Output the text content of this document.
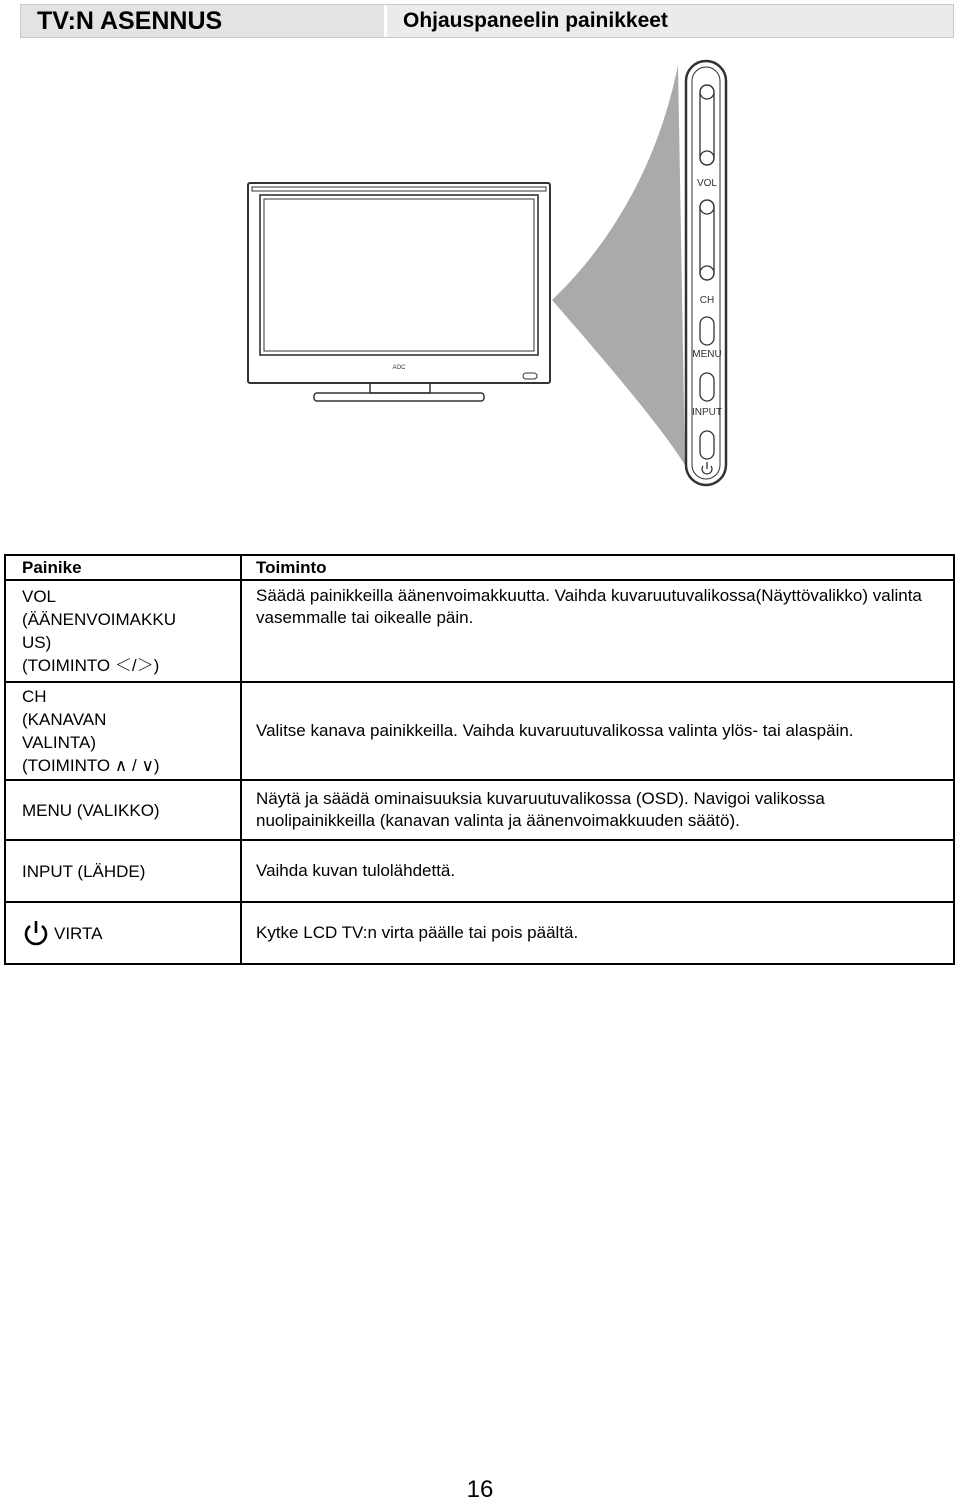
TV:N ASENNUS	Ohjauspaneelin painikkeet
AOC
VOL
CH
MENU
INPUT
Painike	Toiminto

VOL
(ÄÄNENVOIMAKKU
US)
(TOIMINTO ＜/＞)	Säädä painikkeilla äänenvoimakkuutta. Vaihda kuvaruutuvalikossa(Näyttövalikko) valinta vasemmalle tai oikealle päin.

CH
(KANAVAN
VALINTA)
(TOIMINTO ∧ / ∨)	Valitse kanava painikkeilla. Vaihda kuvaruutuvalikossa valinta ylös- tai alaspäin.
MENU (VALIKKO)	Näytä ja säädä ominaisuuksia kuvaruutuvalikossa (OSD). Navigoi valikossa nuolipainikkeilla (kanavan valinta ja äänenvoimakkuuden säätö).
INPUT (LÄHDE)	Vaihda kuvan tulolähdettä.

VIRTA	Kytke LCD TV:n virta päälle tai pois päältä.
16
